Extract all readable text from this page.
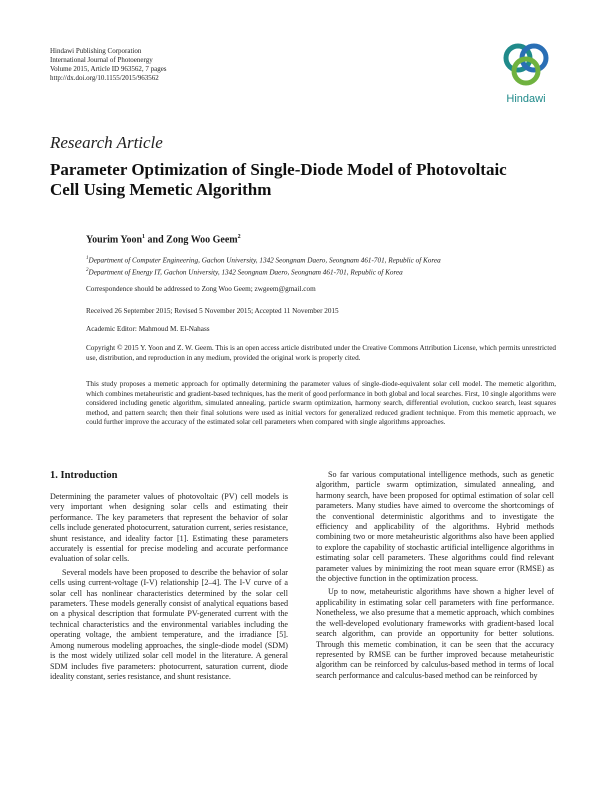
Hindawi Publishing Corporation
International Journal of Photoenergy
Volume 2015, Article ID 963562, 7 pages
http://dx.doi.org/10.1155/2015/963562
Hindawi
Research Article
Parameter Optimization of Single-Diode Model of Photovoltaic Cell Using Memetic Algorithm
Yourim Yoon$^1$ and Zong Woo Geem$^2$

$^1$Department of Computer Engineering, Gachon University, 1342 Seongnam Daero, Seongnam 461-701, Republic of Korea

$^2$Department of Energy IT, Gachon University, 1342 Seongnam Daero, Seongnam 461-701, Republic of Korea

Correspondence should be addressed to Zong Woo Geem; zwgeem@gmail.com
Received 26 September 2015; Revised 5 November 2015; Accepted 11 November 2015
Academic Editor: Mahmoud M. El-Nahass
Copyright © 2015 Y. Yoon and Z. W. Geem. This is an open access article distributed under the Creative Commons Attribution License, which permits unrestricted use, distribution, and reproduction in any medium, provided the original work is properly cited.
This study proposes a memetic approach for optimally determining the parameter values of single-diode-equivalent solar cell model. The memetic algorithm, which combines metaheuristic and gradient-based techniques, has the merit of good performance in both global and local searches. First, 10 single algorithms were considered including genetic algorithm, simulated annealing, particle swarm optimization, harmony search, differential evolution, cuckoo search, least squares method, and pattern search; then their final solutions were used as initial vectors for generalized reduced gradient technique. From this memetic approach, we could further improve the accuracy of the estimated solar cell parameters when compared with single algorithms approaches.
1. Introduction

Determining the parameter values of photovoltaic (PV) cell models is very important when designing solar cells and estimating their performance. The key parameters that represent the behavior of solar cells include generated photocurrent, saturation current, series resistance, shunt resistance, and ideality factor [1]. Estimating these parameters accurately is essential for precise modeling and accurate performance evaluation of solar cells.

Several models have been proposed to describe the behavior of solar cells using current-voltage (I-V) relationship [2–4]. The I-V curve of a solar cell has nonlinear characteristics determined by the solar cell parameters. These models generally consist of analytical equations based on a physical description that formulate PV-generated current with the technical characteristics and the environmental variables including the operating voltage, the ambient temperature, and the irradiance [5]. Among numerous modeling approaches, the single-diode model (SDM) is the most widely utilized solar cell model in the literature. A general SDM includes five parameters: photocurrent, saturation current, diode ideality constant, series resistance, and shunt resistance.

So far various computational intelligence methods, such as genetic algorithm, particle swarm optimization, simulated annealing, and harmony search, have been proposed for optimal estimation of solar cell parameters. Many studies have aimed to overcome the shortcomings of the conventional deterministic algorithms and to investigate the efficiency and applicability of the algorithms. Hybrid methods combining two or more metaheuristic algorithms also have been applied to explore the capability of stochastic artificial intelligence algorithms in estimating solar cell parameters. These algorithms could find relevant parameter values by minimizing the root mean square error (RMSE) as the objective function in the optimization process.

Up to now, metaheuristic algorithms have shown a higher level of applicability in estimating solar cell parameters with fine performance. Nonetheless, we also presume that a memetic approach, which combines the well-developed evolutionary frameworks with gradient-based local search algorithm, can provide an opportunity for better solutions. Through this memetic combination, it can be seen that the accuracy represented by RMSE can be further improved because metaheuristic algorithm can be reinforced by calculus-based method in terms of local search performance and calculus-based method can be reinforced by
